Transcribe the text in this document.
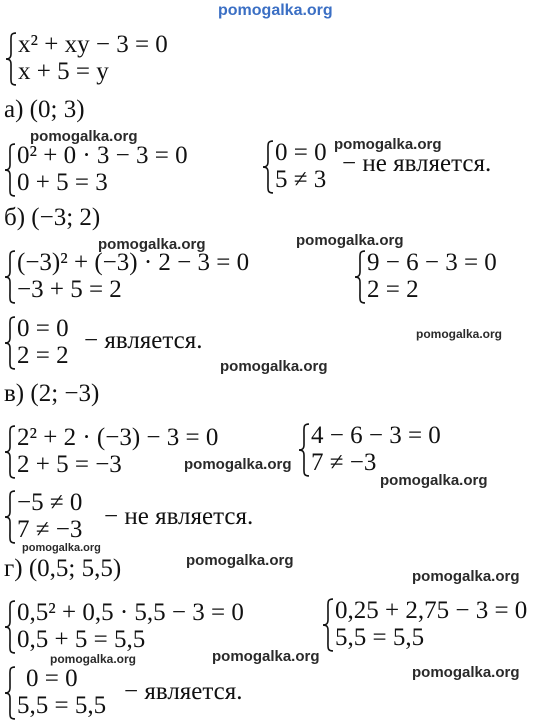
pomogalka.org
x² + xy − 3 = 0
x + 5 = y
а) (0; 3)
0² + 0 · 3 − 3 = 0
0 + 5 = 3
0 = 0
5 ≠ 3
− не является.
б) (−3; 2)
(−3)² + (−3) · 2 − 3 = 0
−3 + 5 = 2
9 − 6 − 3 = 0
2 = 2
0 = 0
2 = 2
− является.
в) (2; −3)
2² + 2 · (−3) − 3 = 0
2 + 5 = −3
4 − 6 − 3 = 0
7 ≠ −3
−5 ≠ 0
7 ≠ −3 − не является.
г) (0,5; 5,5)
0,5² + 0,5 · 5,5 − 3 = 0
0,5 + 5 = 5,5
0,25 + 2,75 − 3 = 0
5,5 = 5,5
0 = 0
5,5 = 5,5
− является.
pomogalka.org	pomogalka.org
pomogalka.org	pomogalka.org
pomogalka.org
pomogalka.org
pomogalka.org
pomogalka.org
pomogalka.org
pomogalka.org
pomogalka.org
pomogalka.org	pomogalka.org
pomogalka.org
